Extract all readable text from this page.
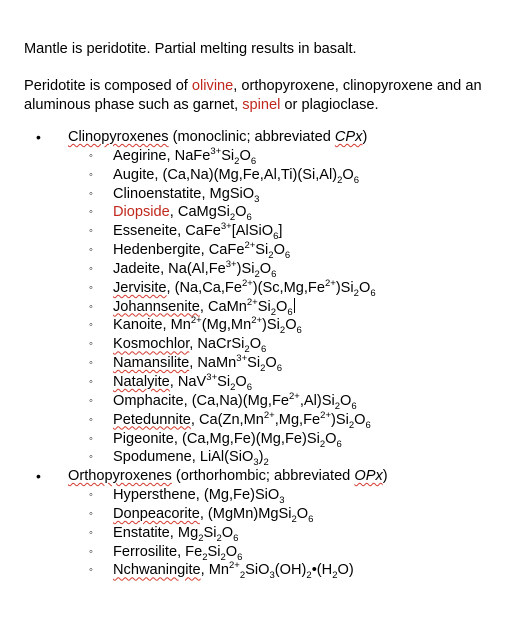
Mantle is peridotite. Partial melting results in basalt.

Peridotite is composed of olivine, orthopyroxene, clinopyroxene and an aluminous phase such as garnet, spinel or plagioclase.

• Clinopyroxenes (monoclinic; abbreviated CPx)
◦ Aegirine, $NaFe^{3+}Si_2O_6$
◦ Augite, $(Ca,Na)(Mg,Fe,Al,Ti)(Si,Al)_2O_6$
◦ Clinoenstatite, MgSiO$_3$
◦ Diopside, $CaMgSi_2O_6$
◦ Esseneite, CaFe$^{3+}$[AlSiO$_6$]
◦ Hedenbergite, $CaFe^{2+}Si_2O_6$
◦ Jadeite, $Na(Al,Fe^{3+})Si_2O_6$
◦ Jervisite, $(Na,Ca,Fe^{2+})(Sc,Mg,Fe^{2+})Si_2O_6$
◦ Johannsenite, $CaMn^{2+}Si_2O_6$
◦ Kanoite, $Mn^{2+}(Mg,Mn^{2+})Si_2O_6$
◦ Kosmochlor, $NaCrSi_2O_6$
◦ Namansilite, $NaMn^{3+}Si_2O_6$
◦ Natalyite, $NaV^{3+}Si_2O_6$
◦ Omphacite, $(Ca,Na)(Mg,Fe^{2+},Al)Si_2O_6$
◦ Petedunnite, $Ca(Zn,Mn^{2+},Mg,Fe^{2+})Si_2O_6$
◦ Pigeonite, $(Ca,Mg,Fe)(Mg,Fe)Si_2O_6$
◦ Spodumene, $LiAl(SiO_3)_2$
• Orthopyroxenes (orthorhombic; abbreviated OPx)
◦ Hypersthene, (Mg,Fe)SiO$_3$
◦ Donpeacorite, $(MgMn)MgSi_2O_6$
◦ Enstatite, $Mg_2Si_2O_6$
◦ Ferrosilite, $Fe_2Si_2O_6$
◦ Nchwaningite, $Mn^{2+}_2SiO_3(OH)_2•(H_2O)$
